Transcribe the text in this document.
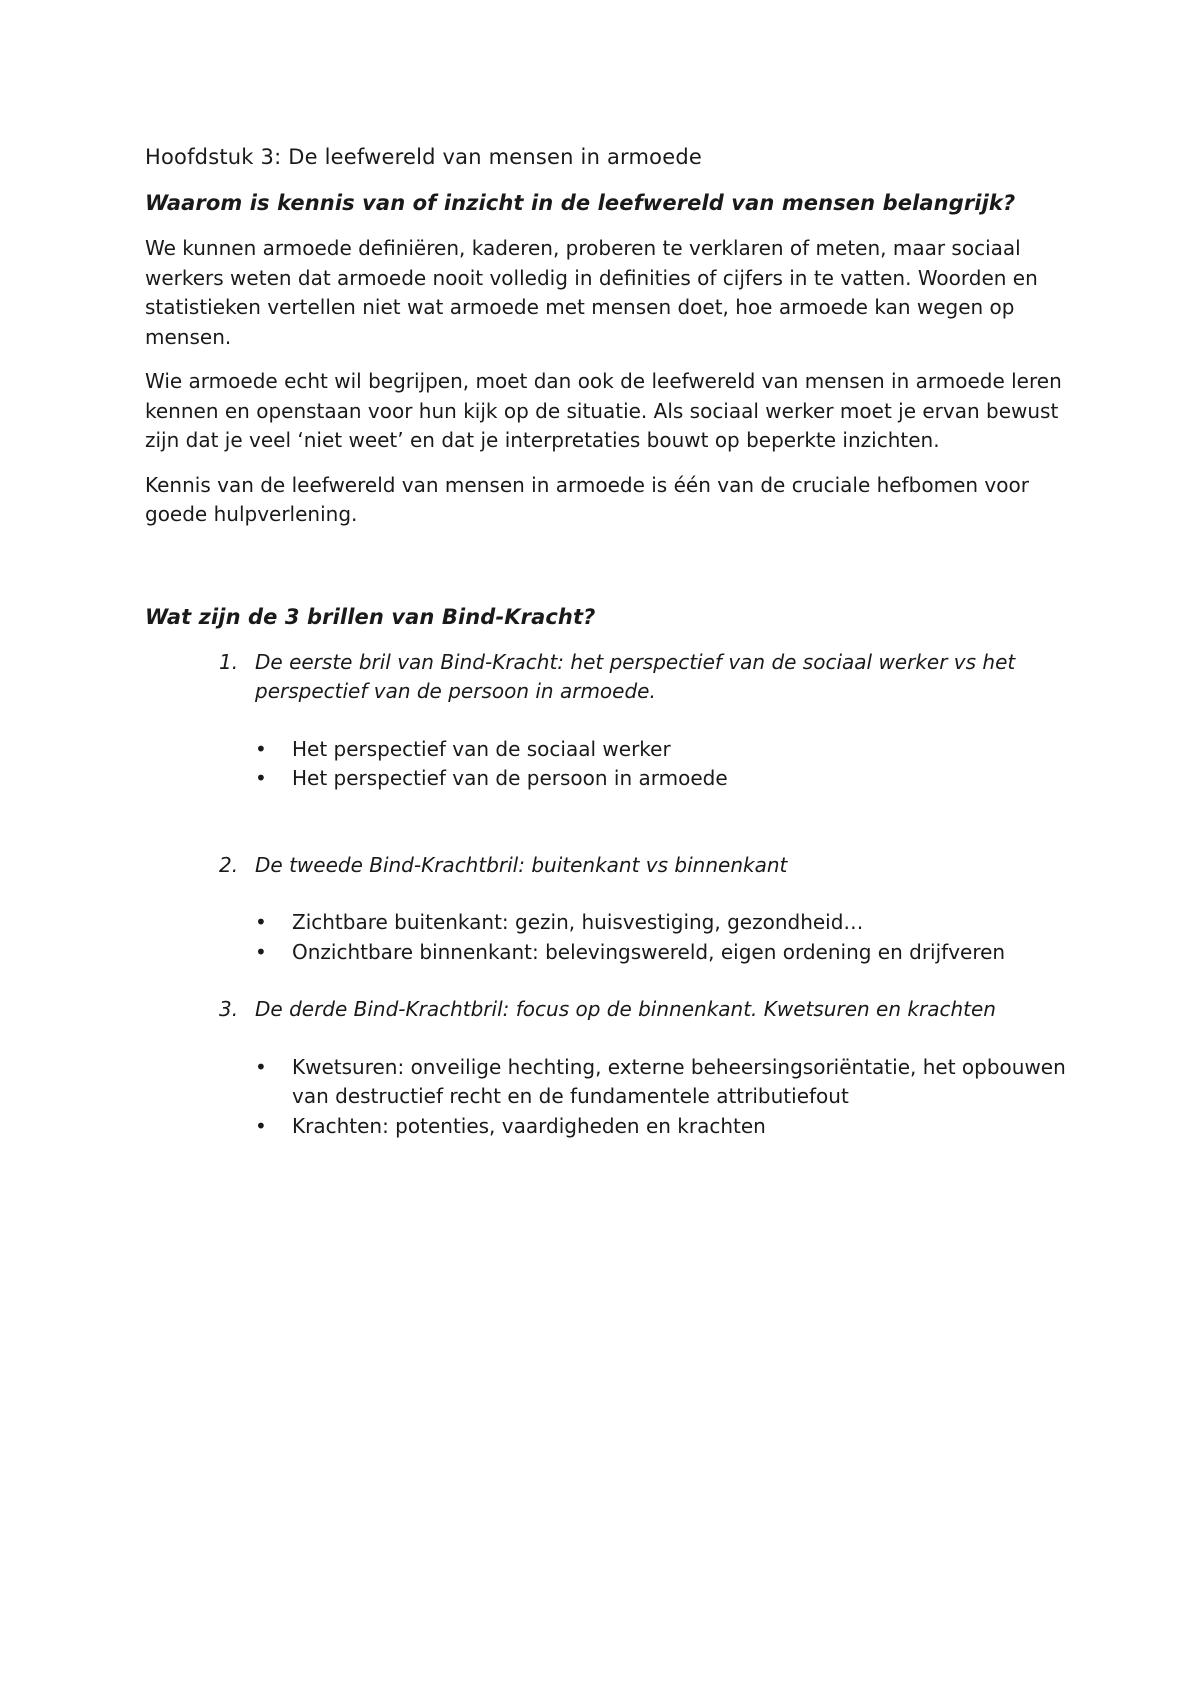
Hoofdstuk 3: De leefwereld van mensen in armoede
Waarom is kennis van of inzicht in de leefwereld van mensen belangrijk?

We kunnen armoede definiëren, kaderen, proberen te verklaren of meten, maar sociaal werkers weten dat armoede nooit volledig in definities of cijfers in te vatten. Woorden en statistieken vertellen niet wat armoede met mensen doet, hoe armoede kan wegen op mensen.

Wie armoede echt wil begrijpen, moet dan ook de leefwereld van mensen in armoede leren kennen en openstaan voor hun kijk op de situatie. Als sociaal werker moet je ervan bewust zijn dat je veel ‘niet weet’ en dat je interpretaties bouwt op beperkte inzichten.

Kennis van de leefwereld van mensen in armoede is één van de cruciale hefbomen voor goede hulpverlening.

Wat zijn de 3 brillen van Bind-Kracht?
1. De eerste bril van Bind-Kracht: het perspectief van de sociaal werker vs het perspectief van de persoon in armoede.
• Het perspectief van de sociaal werker
• Het perspectief van de persoon in armoede
2. De tweede Bind-Krachtbril: buitenkant vs binnenkant
• Zichtbare buitenkant: gezin, huisvestiging, gezondheid…
• Onzichtbare binnenkant: belevingswereld, eigen ordening en drijfveren
3. De derde Bind-Krachtbril: focus op de binnenkant. Kwetsuren en krachten
• Kwetsuren: onveilige hechting, externe beheersingsoriëntatie, het opbouwen van destructief recht en de fundamentele attributiefout
• Krachten: potenties, vaardigheden en krachten
